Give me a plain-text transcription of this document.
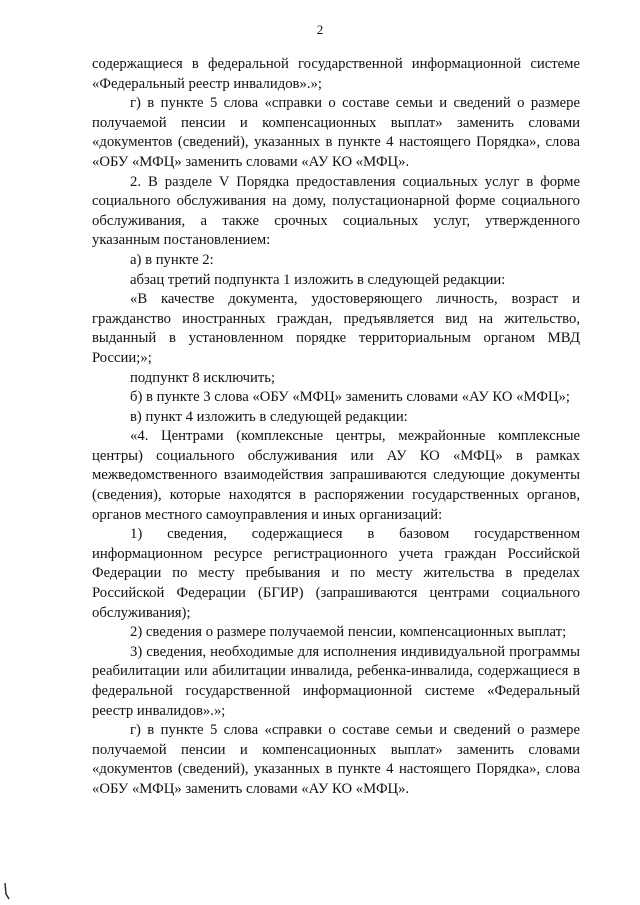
2

содержащиеся в федеральной государственной информационной системе «Федеральный реестр инвалидов».»;

г) в пункте 5 слова «справки о составе семьи и сведений о размере получаемой пенсии и компенсационных выплат» заменить словами «документов (сведений), указанных в пункте 4 настоящего Порядка», слова «ОБУ «МФЦ» заменить словами «АУ КО «МФЦ».

2. В разделе V Порядка предоставления социальных услуг в форме социального обслуживания на дому, полустационарной форме социального обслуживания, а также срочных социальных услуг, утвержденного указанным постановлением:

а) в пункте 2:

абзац третий подпункта 1 изложить в следующей редакции:

«В качестве документа, удостоверяющего личность, возраст и гражданство иностранных граждан, предъявляется вид на жительство, выданный в установленном порядке территориальным органом МВД России;»;

подпункт 8 исключить;

б) в пункте 3 слова «ОБУ «МФЦ» заменить словами «АУ КО «МФЦ»;

в) пункт 4 изложить в следующей редакции:

«4. Центрами (комплексные центры, межрайонные комплексные центры) социального обслуживания или АУ КО «МФЦ» в рамках межведомственного взаимодействия запрашиваются следующие документы (сведения), которые находятся в распоряжении государственных органов, органов местного самоуправления и иных организаций:

1) сведения, содержащиеся в базовом государственном информационном ресурсе регистрационного учета граждан Российской Федерации по месту пребывания и по месту жительства в пределах Российской Федерации (БГИР) (запрашиваются центрами социального обслуживания);

2) сведения о размере получаемой пенсии, компенсационных выплат;

3) сведения, необходимые для исполнения индивидуальной программы реабилитации или абилитации инвалида, ребенка-инвалида, содержащиеся в федеральной государственной информационной системе «Федеральный реестр инвалидов».»;

г) в пункте 5 слова «справки о составе семьи и сведений о размере получаемой пенсии и компенсационных выплат» заменить словами «документов (сведений), указанных в пункте 4 настоящего Порядка», слова «ОБУ «МФЦ» заменить словами «АУ КО «МФЦ».
